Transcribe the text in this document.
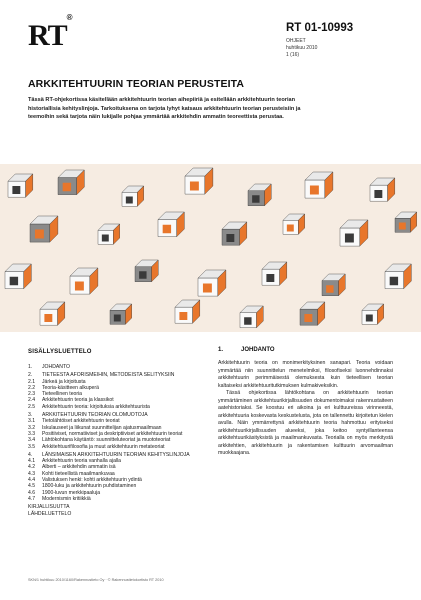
RT®
RT 01-10993
OHJEET
huhtikuu 2010
1 (16)
ARKKITEHTUURIN TEORIAN PERUSTEITA
Tässä RT-ohjekortissa käsitellään arkkitehtuurin teorian aihepiiriä ja esitellään arkkitehtuurin teorian historiallisia kehityslinjoja. Tarkoituksena on tarjota lyhyt katsaus arkkitehtuurin teorian perusteisiin ja teemoihin sekä tarjota näin lukijalle pohjaa ymmärtää arkkitehdin ammatin teoreettista perustaa.
SISÄLLYSLUETTELO
1.	JOHDANTO
2.	TIETEESTA AFORISMEIHIN, METODEISTA SELITYKSIIN
2.1	Järkeä ja kirjoitusta
2.2	Teoria-käsitteen alkuperä
2.3	Tieteellinen teoria
2.4	Arkkitehtuurin teoria ja klassikot
2.5	Arkkitehtuurin teoria: kirjoituksia arkkitehtuurista
3.	ARKKITEHTUURIN TEORIAN OLOMUOTOJA
3.1	Tietolähtöiset arkkitehtuurin teoriat
3.2	Iskulauseet ja liikunat suunnittelijan ajatusmaailmaan
3.3	Positiiviset, normatiiviset ja deskriptiiviset arkkitehtuurin teoriat
3.4	Lähtökohtana käytäntö: suunnitteluteoriat ja muototeoriat
3.5	Arkkitehtuurifilosofia ja muut arkkitehtuurin metateoriat
4.	LÄNSIMAISEN ARKKITEHTUURIN TEORIAN KEHITYSLINJOJA
4.1	Arkkitehtuurin teoria vanhalla ajalla
4.2	Alberti – arkkitehdin ammatin isä
4.3	Kohti tieteellistä maailmankuvaa
4.4	Valistuksen henki: kohti arkkitehtuurin ydintä
4.5	1800-luku ja arkkitehtuurin puhdistaminen
4.6	1900-luvun merkkipaaluja
4.7	Modernismin kritiikkiä
KIRJALLISUUTTA
LÄHDELUETTELO
1.	JOHDANTO

Arkkitehtuurin teoria on monimerkityksinen sanapari. Teoria voidaan ymmärtää niin suunnittelun menetelmiksi, filosofiseksi luonnehdinnaksi arkkitehtuurin perimmäisestä olemuksesta kuin tieteellisen teorian kaltaiseksi arkkitehtuuritutkimuksen kulmakiveksikin.

Tässä ohjekortissa lähtökohtana on arkkitehtuurin teorian ymmärtäminen arkkitehtuurikirjallisuuden dokumentoimaksi rakennustaiteen aatehistoriaksi. Se koostuu eri aikoina ja eri kulttuureissa virinneestä, arkkitehtuuria koskevasta keskustelusta, jota on tallennettu kirjoitetun kielen avulla. Näin ymmärrettynä arkkitehtuurin teoria hahmottuu erityiseksi arkkitehtuurikirjallisuuden alueeksi, joka keitoo syntyillanteensa arkkitehtuurikäsityksistä ja maailmankuvasta. Teorialla on myös merkitystä arkkitehtien, arkkitehtuurin ja rakentamisen kulttuurin arvomaailman muokkaajana.

SKN/1 huhtikuu 2010/1160/Rakennustieto Oy · © Rakennustietokortisto RT 2010
